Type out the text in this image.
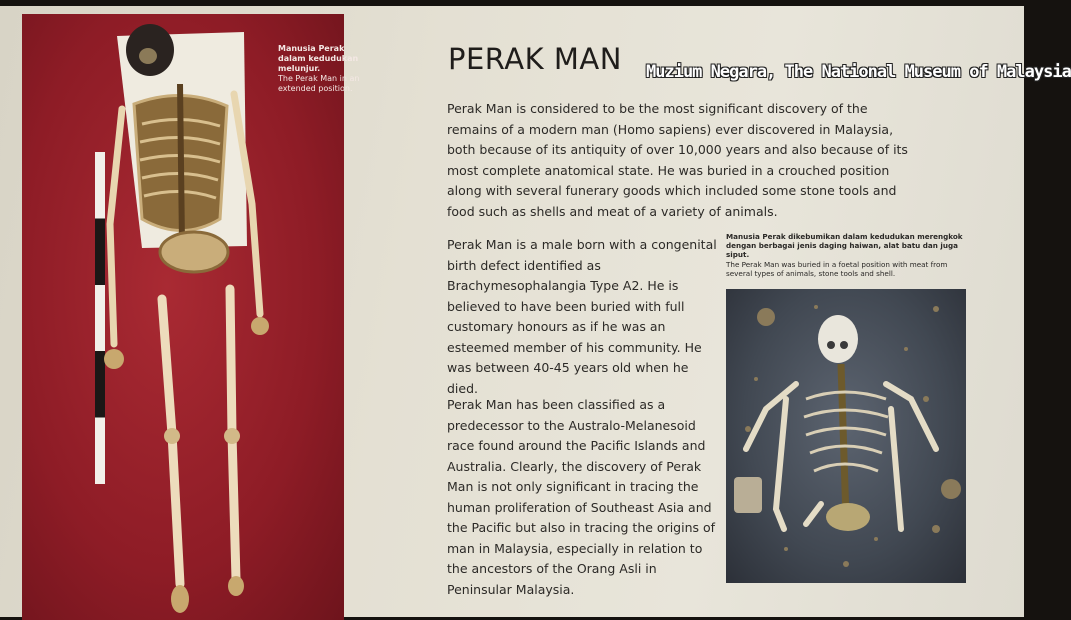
Manusia Perak dalam kedudukan melunjur.
The Perak Man in an extended position.
PERAK MAN Muzium Negara, The National Museum of Malaysia

Perak Man is considered to be the most significant discovery of the remains of a modern man (Homo sapiens) ever discovered in Malaysia, both because of its antiquity of over 10,000 years and also because of its most complete anatomical state. He was buried in a crouched position along with several funerary goods which included some stone tools and food such as shells and meat of a variety of animals.

Perak Man is a male born with a congenital birth defect identified as Brachymesophalangia Type A2. He is believed to have been buried with full customary honours as if he was an esteemed member of his community. He was between 40-45 years old when he died.

Perak Man has been classified as a predecessor to the Australo-Melanesoid race found around the Pacific Islands and Australia. Clearly, the discovery of Perak Man is not only significant in tracing the human proliferation of Southeast Asia and the Pacific but also in tracing the origins of man in Malaysia, especially in relation to the ancestors of the Orang Asli in Peninsular Malaysia.

Manusia Perak dikebumikan dalam kedudukan merengkok dengan berbagai jenis daging haiwan, alat batu dan juga siput.
The Perak Man was buried in a foetal position with meat from several types of animals, stone tools and shell.
